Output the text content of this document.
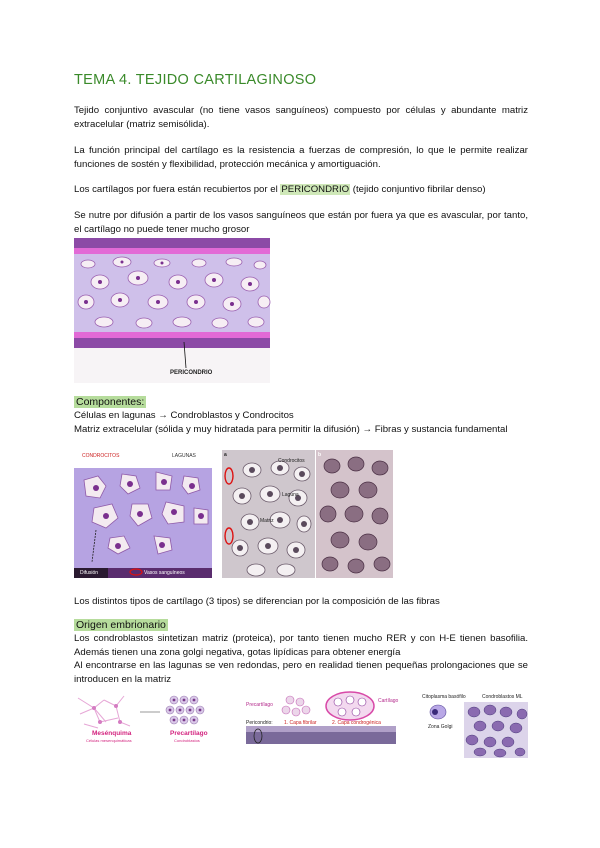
TEMA 4. TEJIDO CARTILAGINOSO
Tejido conjuntivo avascular (no tiene vasos sanguíneos) compuesto por células y abundante matriz extracelular (matriz semisólida).
La función principal del cartílago es la resistencia a fuerzas de compresión, lo que le permite realizar funciones de sostén y flexibilidad, protección mecánica y amortiguación.
Los cartílagos por fuera están recubiertos por el PERICONDRIO (tejido conjuntivo fibrilar denso)
Se nutre por difusión a partir de los vasos sanguíneos que están por fuera ya que es avascular, por tanto, el cartílago no puede tener mucho grosor
PERICONDRIO
Componentes:
Células en lagunas → Condroblastos y Condrocitos
Matriz extracelular (sólida y muy hidratada para permitir la difusión) → Fibras y sustancia fundamental
CONDROCITOS	LAGUNAS
Difusión	Vasos sanguíneos
Condrocitos
Laguna
Matriz
a	b
Los distintos tipos de cartílago (3 tipos) se diferencian por la composición de las fibras
Origen embrionario
Los condroblastos sintetizan matriz (proteica), por tanto tienen mucho RER y con H-E tienen basofilia. Además tienen una zona golgi negativa, gotas lipídicas para obtener energía
Al encontrarse en las lagunas se ven redondas, pero en realidad tienen pequeñas prolongaciones que se introducen en la matriz
Mesénquima
Células mesenquimáticas
Precartílago
Condroblastos
Precartílago
Cartílago
Pericondrio: 1. Capa fibrilar	2. Capa condrogénica
Citoplasma basófilo
Zona Golgi
Condroblastos ML
